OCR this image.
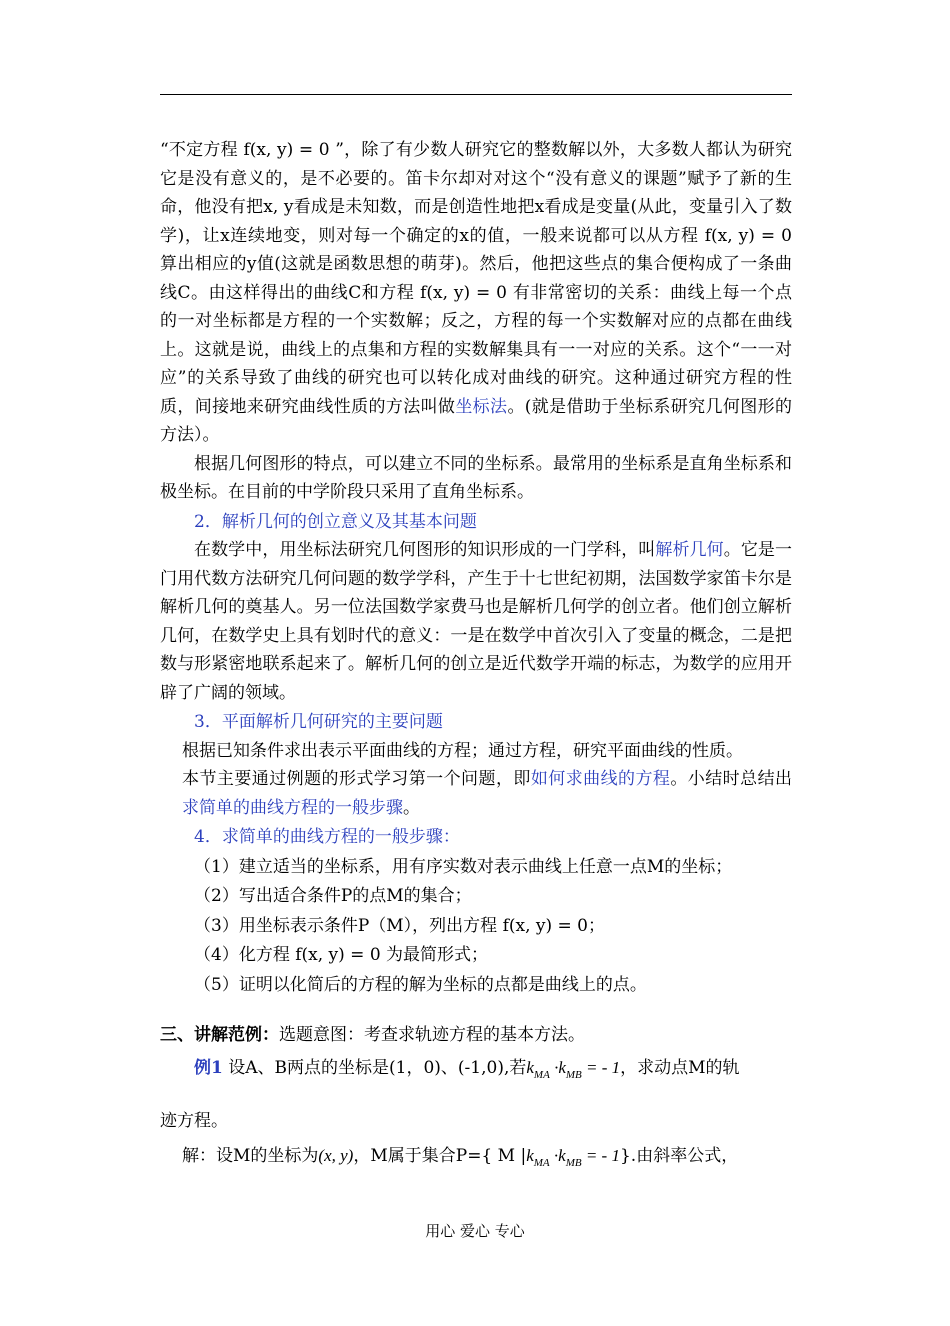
“不定方程 f(x, y) = 0 ”，除了有少数人研究它的整数解以外，大多数人都认为研究它是没有意义的，是不必要的。笛卡尔却对对这个“没有意义的课题”赋予了新的生命，他没有把x, y看成是未知数，而是创造性地把x看成是变量(从此，变量引入了数学)，让x连续地变，则对每一个确定的x的值，一般来说都可以从方程 f(x, y) = 0 算出相应的y值(这就是函数思想的萌芽)。然后，他把这些点的集合便构成了一条曲线C。由这样得出的曲线C和方程 f(x, y) = 0 有非常密切的关系：曲线上每一个点的一对坐标都是方程的一个实数解；反之，方程的每一个实数解对应的点都在曲线上。这就是说，曲线上的点集和方程的实数解集具有一一对应的关系。这个“一一对应”的关系导致了曲线的研究也可以转化成对曲线的研究。这种通过研究方程的性质，间接地来研究曲线性质的方法叫做坐标法。(就是借助于坐标系研究几何图形的方法）。

根据几何图形的特点，可以建立不同的坐标系。最常用的坐标系是直角坐标系和极坐标。在目前的中学阶段只采用了直角坐标系。

2．解析几何的创立意义及其基本问题

在数学中，用坐标法研究几何图形的知识形成的一门学科，叫解析几何。它是一门用代数方法研究几何问题的数学学科，产生于十七世纪初期，法国数学家笛卡尔是解析几何的奠基人。另一位法国数学家费马也是解析几何学的创立者。他们创立解析几何，在数学史上具有划时代的意义：一是在数学中首次引入了变量的概念，二是把数与形紧密地联系起来了。解析几何的创立是近代数学开端的标志，为数学的应用开辟了广阔的领域。

3．平面解析几何研究的主要问题

根据已知条件求出表示平面曲线的方程；通过方程，研究平面曲线的性质。

本节主要通过例题的形式学习第一个问题，即如何求曲线的方程。小结时总结出求简单的曲线方程的一般步骤。

4．求简单的曲线方程的一般步骤：

（1）建立适当的坐标系，用有序实数对表示曲线上任意一点M的坐标；

（2）写出适合条件P的点M的集合；

（3）用坐标表示条件P（M），列出方程 f(x, y) = 0；

（4）化方程 f(x, y) = 0 为最简形式；

（5）证明以化简后的方程的解为坐标的点都是曲线上的点。

三、讲解范例：选题意图：考查求轨迹方程的基本方法。

例1 设A、B两点的坐标是(1，0)、(-1,0),若$k_{MA} \cdot k_{MB}$ = - 1，求动点M的轨

迹方程。

解：设M的坐标为(x, y)，M属于集合P={ M $|k_{MA} \cdot k_{MB}$ = - 1}.由斜率公式，

用心 爱心 专心
